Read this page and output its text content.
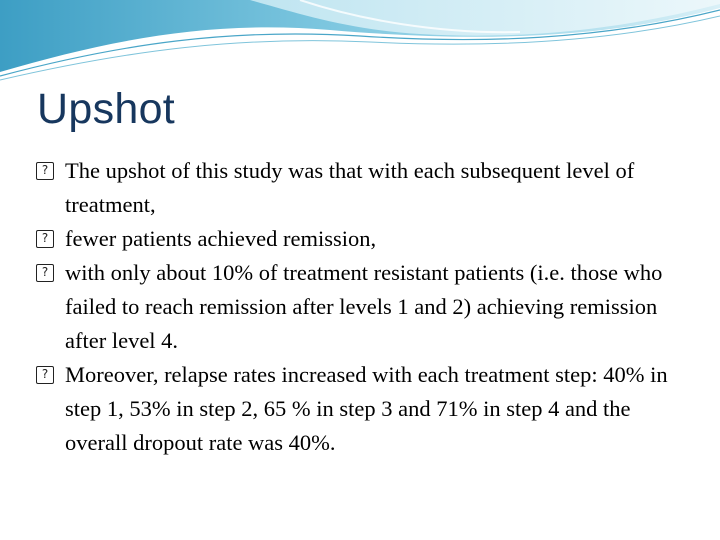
Upshot
? The upshot of this study was that with each subsequent level of treatment,
? fewer patients achieved remission,
? with only about 10% of treatment resistant patients (i.e. those who failed to reach remission after levels 1 and 2) achieving remission after level 4.
? Moreover, relapse rates increased with each treatment step: 40% in step 1, 53% in step 2, 65 % in step 3 and 71% in step 4 and the overall dropout rate was 40%.
